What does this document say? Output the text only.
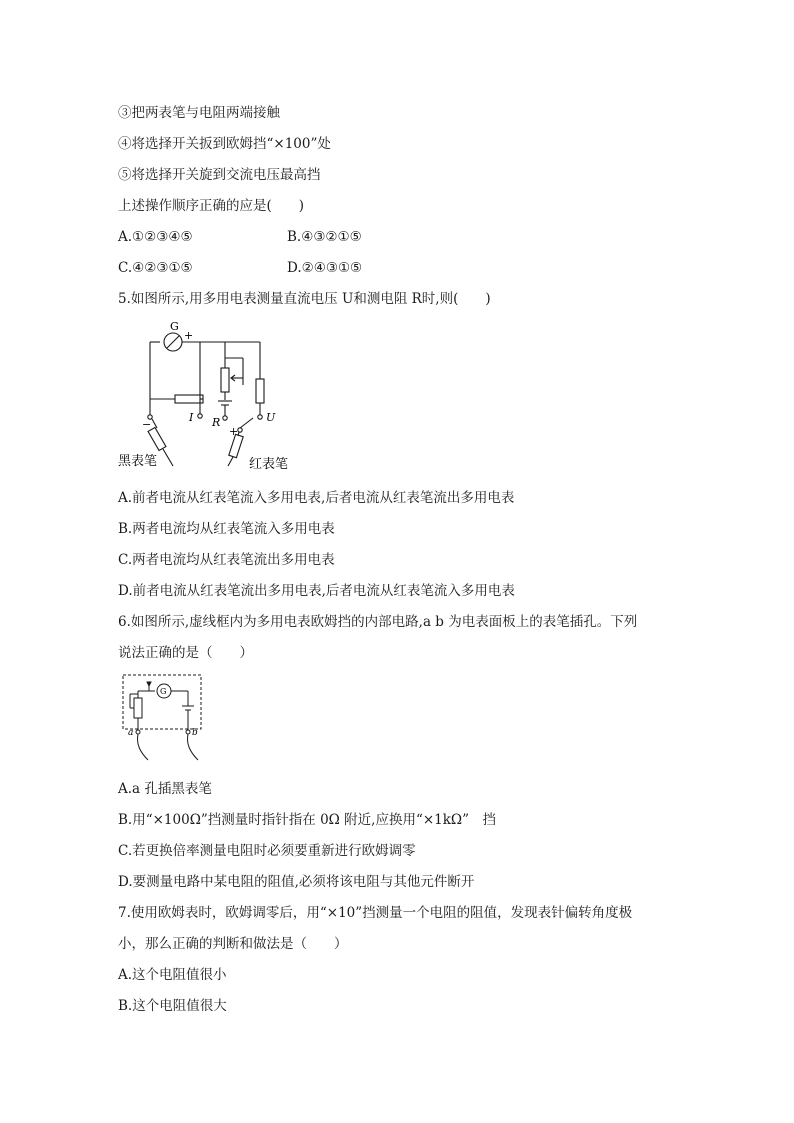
③把两表笔与电阻两端接触
④将选择开关扳到欧姆挡“×100”处
⑤将选择开关旋到交流电压最高挡
上述操作顺序正确的应是(　　)
A.①②③④⑤	B.④③②①⑤
C.④②③①⑤	D.②④③①⑤
5.如图所示,用多用电表测量直流电压 U和测电阻 R时,则(　　)
G
+
−
I R	U
+
黑表笔	红表笔
A.前者电流从红表笔流入多用电表,后者电流从红表笔流出多用电表
B.两者电流均从红表笔流入多用电表
C.两者电流均从红表笔流出多用电表
D.前者电流从红表笔流出多用电表,后者电流从红表笔流入多用电表
6.如图所示,虚线框内为多用电表欧姆挡的内部电路,a b 为电表面板上的表笔插孔。下列
说法正确的是（　　）
G
a	b
A.a 孔插黑表笔
B.用“×100Ω”挡测量时指针指在 0Ω 附近,应换用“×1kΩ”　挡
C.若更换倍率测量电阻时必须要重新进行欧姆调零
D.要测量电路中某电阻的阻值,必须将该电阻与其他元件断开
7.使用欧姆表时，欧姆调零后，用“×10”挡测量一个电阻的阻值，发现表针偏转角度极
小，那么正确的判断和做法是（　　）
A.这个电阻值很小
B.这个电阻值很大
